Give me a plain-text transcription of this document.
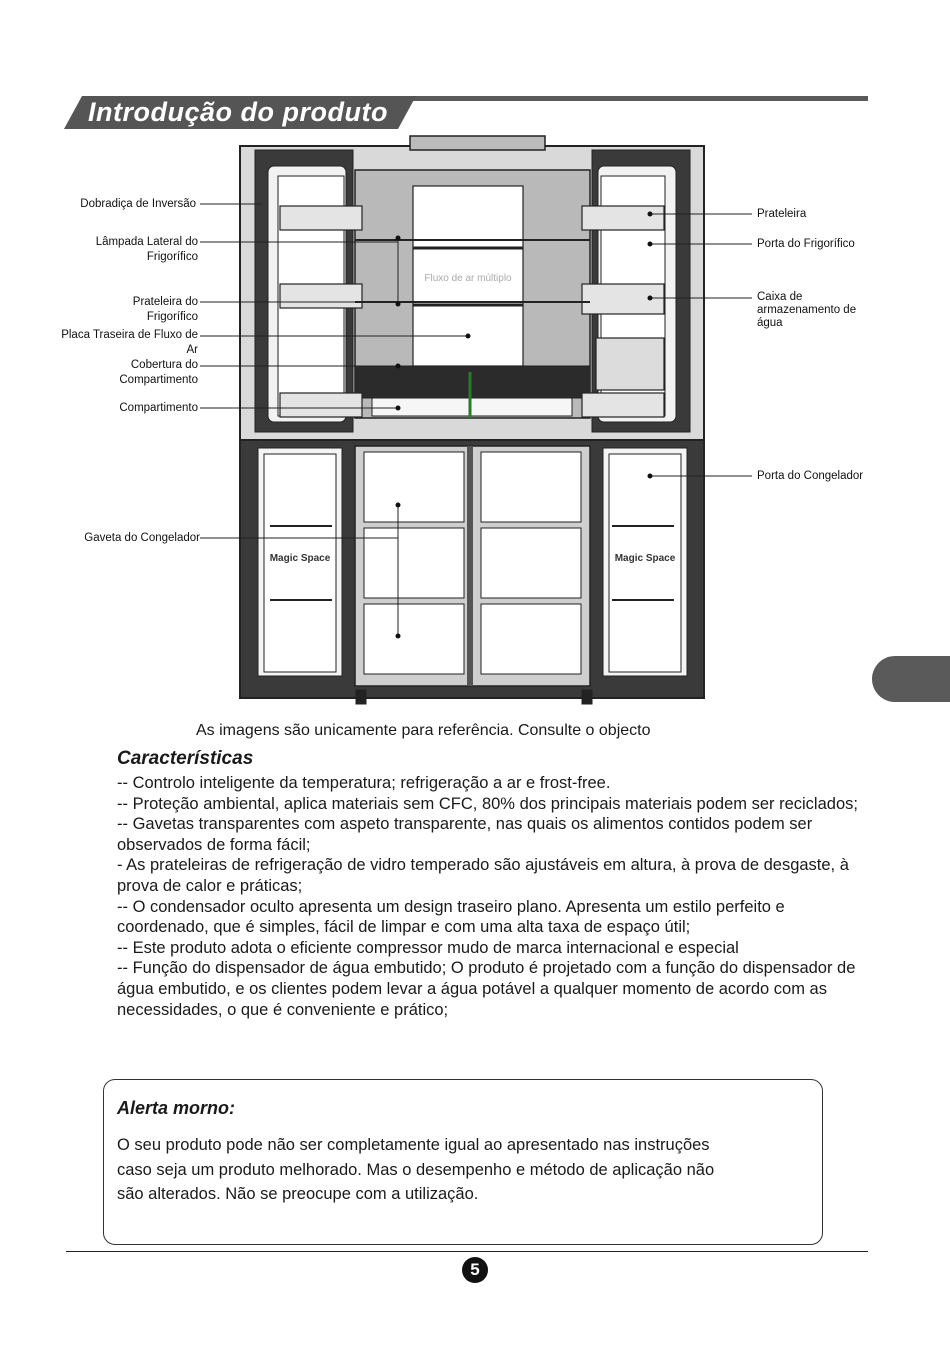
Introdução do produto
Fluxo de ar múltiplo
Magic Space	Magic Space
Dobradiça de Inversão
Lâmpada Lateral do Frigorífico
Prateleira do Frigorífico
Placa Traseira de Fluxo de Ar
Cobertura do Compartimento
Compartimento
Gaveta do Congelador
Prateleira
Porta do Frigorífico
Caixa de armazenamento de água
Porta do Congelador
As imagens são unicamente para referência. Consulte o objecto
Características

-- Controlo inteligente da temperatura; refrigeração a ar e frost-free.

-- Proteção ambiental, aplica materiais sem CFC, 80% dos principais materiais podem ser reciclados;

-- Gavetas transparentes com aspeto transparente, nas quais os alimentos contidos podem ser observados de forma fácil;

- As prateleiras de refrigeração de vidro temperado são ajustáveis em altura, à prova de desgaste, à prova de calor e práticas;

-- O condensador oculto apresenta um design traseiro plano. Apresenta um estilo perfeito e coordenado, que é simples, fácil de limpar e com uma alta taxa de espaço útil;

-- Este produto adota o eficiente compressor mudo de marca internacional e especial

-- Função do dispensador de água embutido; O produto é projetado com a função do dispensador de água embutido, e os clientes podem levar a água potável a qualquer momento de acordo com as necessidades, o que é conveniente e prático;

Alerta morno:
O seu produto pode não ser completamente igual ao apresentado nas instruções caso seja um produto melhorado. Mas o desempenho e método de aplicação não são alterados. Não se preocupe com a utilização.
5
